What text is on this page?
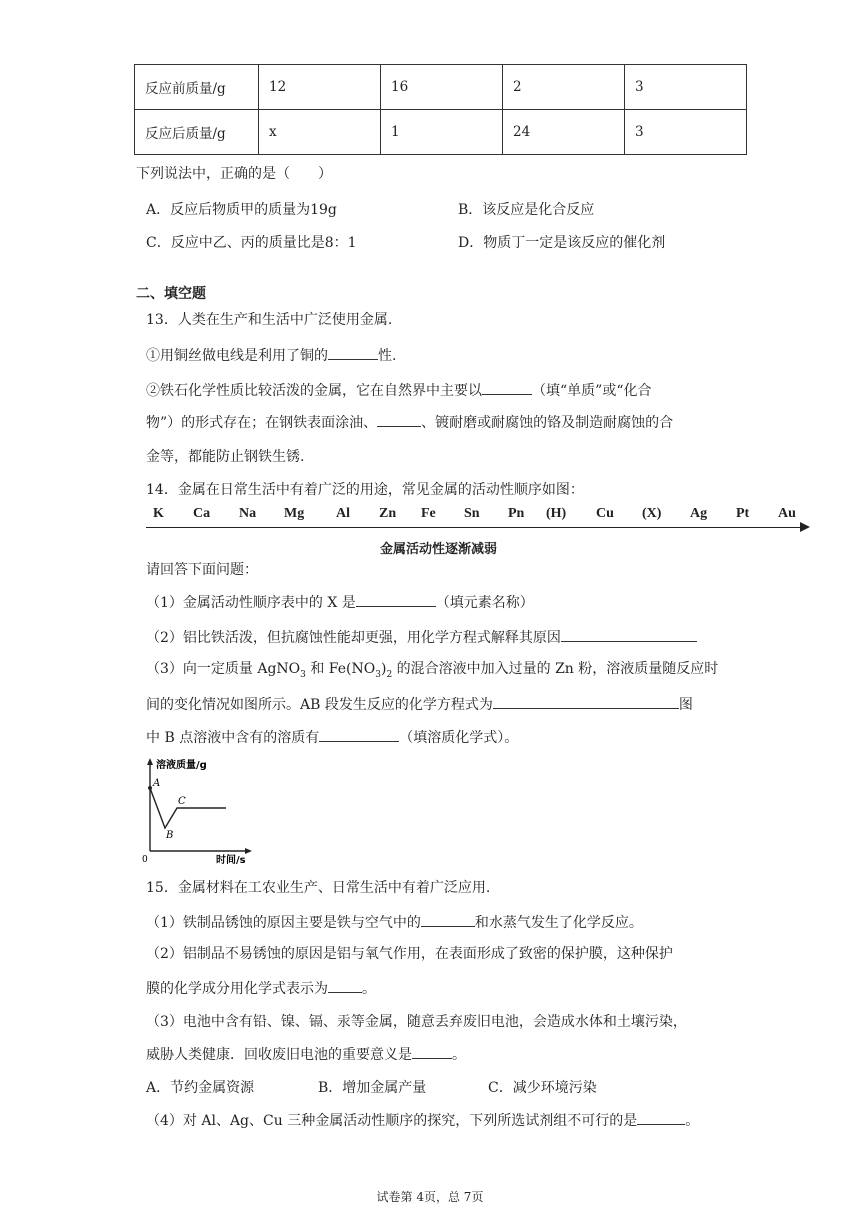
反应前质量/g	12	16	2	3
反应后质量/g	x	1	24	3
下列说法中，正确的是（　　）
A．反应后物质甲的质量为19g	B．该反应是化合反应
C．反应中乙、丙的质量比是8：1	D．物质丁一定是该反应的催化剂
二、填空题
13．人类在生产和生活中广泛使用金属.
①用铜丝做电线是利用了铜的	性.
②铁石化学性质比较活泼的金属，它在自然界中主要以	（填“单质”或“化合
物”）的形式存在；在钢铁表面涂油、	、镀耐磨或耐腐蚀的铬及制造耐腐蚀的合
金等，都能防止钢铁生锈.
14．金属在日常生活中有着广泛的用途，常见金属的活动性顺序如图：
K Ca Na Mg Al Zn Fe Sn Pn (H) Cu (X) Ag Pt Au
金属活动性逐渐减弱
请回答下面问题：
（1）金属活动性顺序表中的 X 是	（填元素名称）
（2）铝比铁活泼，但抗腐蚀性能却更强，用化学方程式解释其原因
（3）向一定质量 AgNO$_3$ 和 $Fe(NO_3)_2$ 的混合溶液中加入过量的 Zn 粉，溶液质量随反应时
间的变化情况如图所示。AB 段发生反应的化学方程式为	图
中 B 点溶液中含有的溶质有	（填溶质化学式）。
溶液质量/g
A
B
C
0	时间/s
15．金属材料在工农业生产、日常生活中有着广泛应用.
（1）铁制品锈蚀的原因主要是铁与空气中的	和水蒸气发生了化学反应。
（2）铝制品不易锈蚀的原因是铝与氧气作用，在表面形成了致密的保护膜，这种保护
膜的化学成分用化学式表示为 。
（3）电池中含有铅、镍、镉、汞等金属，随意丢弃废旧电池，会造成水体和土壤污染，
威胁人类健康．回收废旧电池的重要意义是	。
A．节约金属资源	B．增加金属产量	C．减少环境污染
（4）对 Al、Ag、Cu 三种金属活动性顺序的探究，下列所选试剂组不可行的是	。
试卷第 4页，总 7页
